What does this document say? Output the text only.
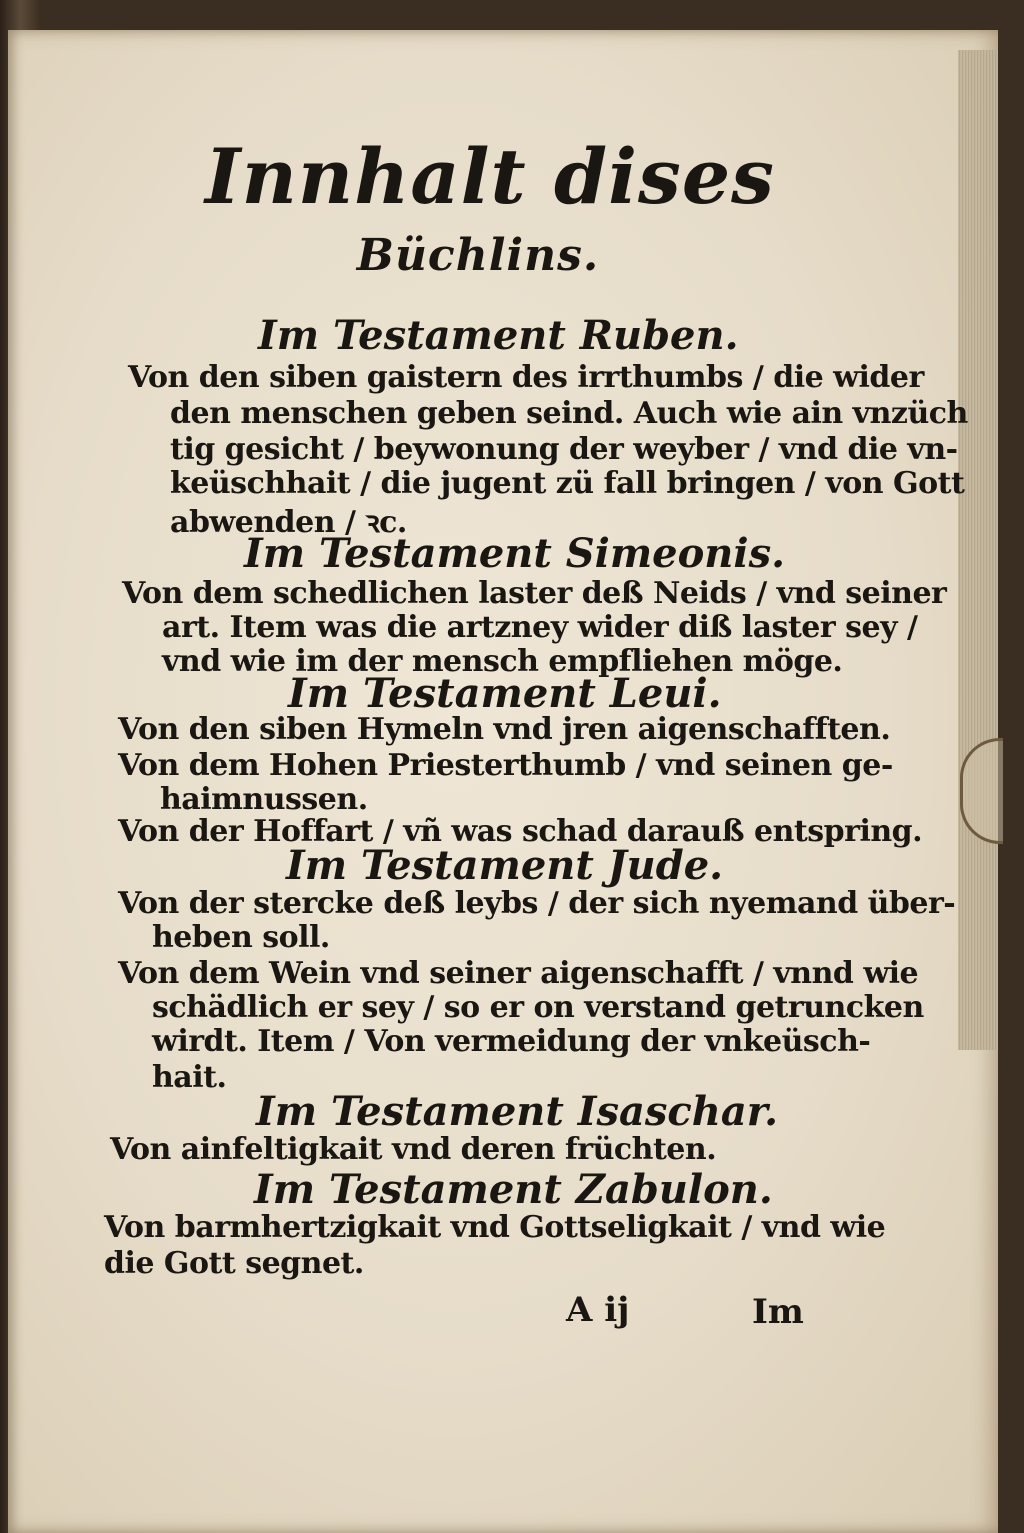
Innhalt dises
Büchlins.
Im Testament Ruben.
Von den siben gaistern des irrthumbs / die wider
den menschen geben seind. Auch wie ain vnzüch
tig gesicht / beywonung der weyber / vnd die vn-
keüschhait / die jugent zü fall bringen / von Gott
abwenden / ꝛc.
Im Testament Simeonis.
Von dem schedlichen laster deß Neids / vnd seiner
art. Item was die artzney wider diß laster sey /
vnd wie im der mensch empfliehen möge.
Im Testament Leui.
Von den siben Hymeln vnd jren aigenschafften.
Von dem Hohen Priesterthumb / vnd seinen ge-
haimnussen.
Von der Hoffart / vñ was schad darauß entspring.
Im Testament Jude.
Von der stercke deß leybs / der sich nyemand über-
heben soll.
Von dem Wein vnd seiner aigenschafft / vnnd wie
schädlich er sey / so er on verstand getruncken
wirdt. Item / Von vermeidung der vnkeüsch-
hait.
Im Testament Isaschar.
Von ainfeltigkait vnd deren früchten.
Im Testament Zabulon.
Von barmhertzigkait vnd Gottseligkait / vnd wie
die Gott segnet.
A ij	Im
